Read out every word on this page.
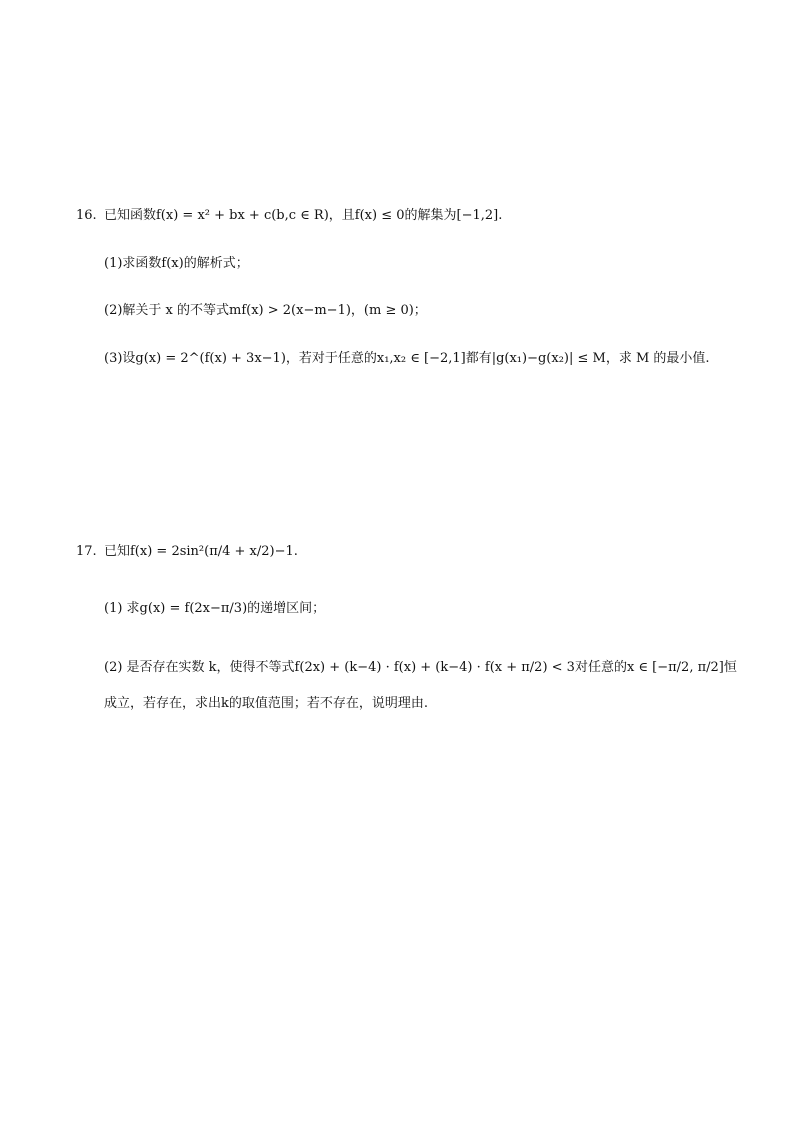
16. 已知函数f(x) = x² + bx + c(b,c ∈ R)，且f(x) ≤ 0的解集为[−1,2].
(1)求函数f(x)的解析式；
(2)解关于 x 的不等式mf(x) > 2(x−m−1)，(m ≥ 0)；
(3)设g(x) = 2^(f(x) + 3x−1)，若对于任意的x₁,x₂ ∈ [−2,1]都有|g(x₁)−g(x₂)| ≤ M，求 M 的最小值.
17. 已知f(x) = 2sin²(π/4 + x/2)−1.
(1) 求g(x) = f(2x−π/3)的递增区间；
(2) 是否存在实数 k，使得不等式f(2x) + (k−4) · f(x) + (k−4) · f(x + π/2) < 3对任意的x ∈ [−π/2, π/2]恒
成立，若存在，求出k的取值范围；若不存在，说明理由.
